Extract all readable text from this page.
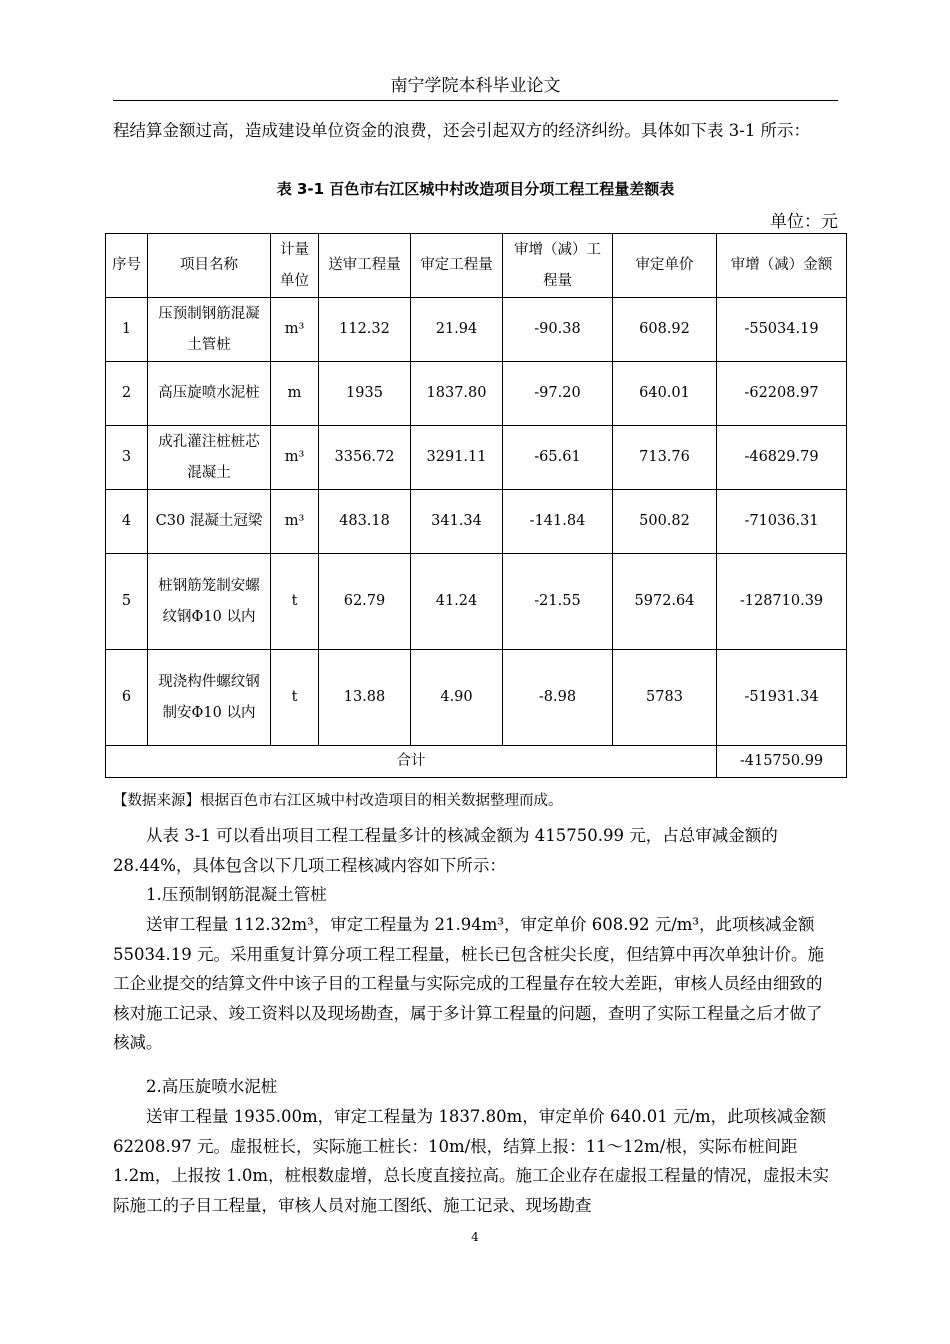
南宁学院本科毕业论文

程结算金额过高，造成建设单位资金的浪费，还会引起双方的经济纠纷。具体如下表 3-1 所示：

表 3-1 百色市右江区城中村改造项目分项工程工程量差额表
单位：元
序号	项目名称	计量单位	送审工程量	审定工程量	审增（减）工程量	审定单价	审增（减）金额
1	压预制钢筋混凝土管桩	m³	112.32	21.94	-90.38	608.92	-55034.19
2	高压旋喷水泥桩	m	1935	1837.80	-97.20	640.01	-62208.97
3	成孔灌注桩桩芯混凝土	m³	3356.72	3291.11	-65.61	713.76	-46829.79
4	C30 混凝土冠梁	m³	483.18	341.34	-141.84	500.82	-71036.31
5	桩钢筋笼制安螺纹钢Φ10 以内	t	62.79	41.24	-21.55	5972.64	-128710.39
6	现浇构件螺纹钢制安Φ10 以内	t	13.88	4.90	-8.98	5783	-51931.34
合计							-415750.99
【数据来源】根据百色市右江区城中村改造项目的相关数据整理而成。

从表 3-1 可以看出项目工程工程量多计的核减金额为 415750.99 元，占总审减金额的 28.44%，具体包含以下几项工程核减内容如下所示：

1.压预制钢筋混凝土管桩

送审工程量 112.32m³，审定工程量为 21.94m³，审定单价 608.92 元/m³，此项核减金额 55034.19 元。采用重复计算分项工程工程量，桩长已包含桩尖长度，但结算中再次单独计价。施工企业提交的结算文件中该子目的工程量与实际完成的工程量存在较大差距，审核人员经由细致的核对施工记录、竣工资料以及现场勘查，属于多计算工程量的问题，查明了实际工程量之后才做了核减。

2.高压旋喷水泥桩

送审工程量 1935.00m，审定工程量为 1837.80m，审定单价 640.01 元/m，此项核减金额 62208.97 元。虚报桩长，实际施工桩长：10m/根，结算上报：11～12m/根，实际布桩间距 1.2m，上报按 1.0m，桩根数虚增，总长度直接拉高。施工企业存在虚报工程量的情况，虚报未实际施工的子目工程量，审核人员对施工图纸、施工记录、现场勘查

4
